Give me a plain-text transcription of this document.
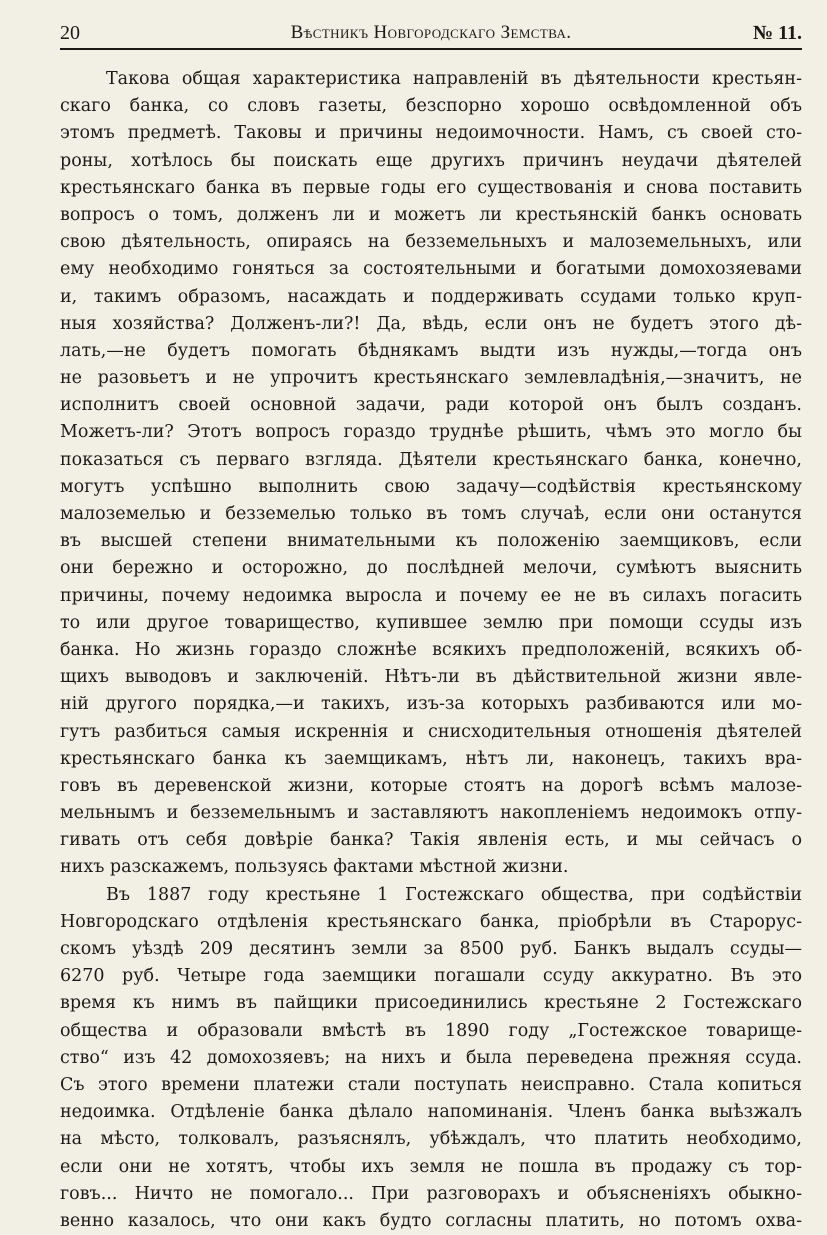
20	Вѣстникъ Новгородскаго Земства.	№ 11.
Такова общая характеристика направленій въ дѣятельности крестьян-
скаго банка, со словъ газеты, безспорно хорошо освѣдомленной объ
этомъ предметѣ. Таковы и причины недоимочности. Намъ, съ своей сто-
роны, хотѣлось бы поискать еще другихъ причинъ неудачи дѣятелей
крестьянскаго банка въ первые годы его существованія и снова поставить
вопросъ о томъ, долженъ ли и можетъ ли крестьянскій банкъ основать
свою дѣятельность, опираясь на безземельныхъ и малоземельныхъ, или
ему необходимо гоняться за состоятельными и богатыми домохозяевами
и, такимъ образомъ, насаждать и поддерживать ссудами только круп-
ныя хозяйства? Долженъ-ли?! Да, вѣдь, если онъ не будетъ этого дѣ-
лать,—не будетъ помогать бѣднякамъ выдти изъ нужды,—тогда онъ
не разовьетъ и не упрочитъ крестьянскаго землевладѣнія,—значитъ, не
исполнитъ своей основной задачи, ради которой онъ былъ созданъ.
Можетъ-ли? Этотъ вопросъ гораздо труднѣе рѣшить, чѣмъ это могло бы
показаться съ перваго взгляда. Дѣятели крестьянскаго банка, конечно,
могутъ успѣшно выполнить свою задачу—содѣйствія крестьянскому
малоземелью и безземелью только въ томъ случаѣ, если они останутся
въ высшей степени внимательными къ положенію заемщиковъ, если
они бережно и осторожно, до послѣдней мелочи, сумѣютъ выяснить
причины, почему недоимка выросла и почему ее не въ силахъ погасить
то или другое товарищество, купившее землю при помощи ссуды изъ
банка. Но жизнь гораздо сложнѣе всякихъ предположеній, всякихъ об-
щихъ выводовъ и заключеній. Нѣтъ-ли въ дѣйствительной жизни явле-
ній другого порядка,—и такихъ, изъ-за которыхъ разбиваются или мо-
гутъ разбиться самыя искреннія и снисходительныя отношенія дѣятелей
крестьянскаго банка къ заемщикамъ, нѣтъ ли, наконецъ, такихъ вра-
говъ въ деревенской жизни, которые стоятъ на дорогѣ всѣмъ малозе-
мельнымъ и безземельнымъ и заставляютъ накопленіемъ недоимокъ отпу-
гивать отъ себя довѣріе банка? Такія явленія есть, и мы сейчасъ о
нихъ разскажемъ, пользуясь фактами мѣстной жизни.
Въ 1887 году крестьяне 1 Гостежскаго общества, при содѣйствіи
Новгородскаго отдѣленія крестьянскаго банка, пріобрѣли въ Старорус-
скомъ уѣздѣ 209 десятинъ земли за 8500 руб. Банкъ выдалъ ссуды—
6270 руб. Четыре года заемщики погашали ссуду аккуратно. Въ это
время къ нимъ въ пайщики присоединились крестьяне 2 Гостежскаго
общества и образовали вмѣстѣ въ 1890 году „Гостежское товарище-
ство“ изъ 42 домохозяевъ; на нихъ и была переведена прежняя ссуда.
Съ этого времени платежи стали поступать неисправно. Стала копиться
недоимка. Отдѣленіе банка дѣлало напоминанія. Членъ банка выѣзжалъ
на мѣсто, толковалъ, разъяснялъ, убѣждалъ, что платить необходимо,
если они не хотятъ, чтобы ихъ земля не пошла въ продажу съ тор-
говъ... Ничто не помогало... При разговорахъ и объясненіяхъ обыкно-
венно казалось, что они какъ будто согласны платить, но потомъ охва-
